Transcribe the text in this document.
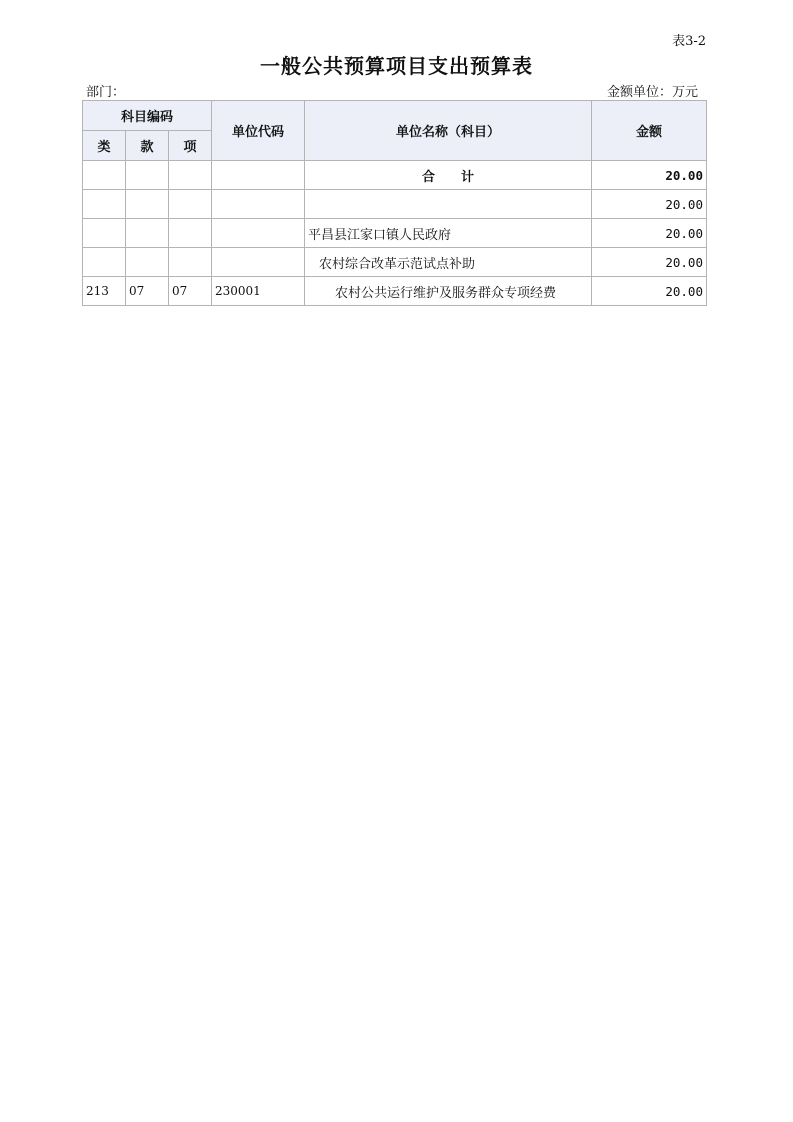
表3-2
一般公共预算项目支出预算表
部门：	金额单位：万元
科目编码			单位代码	单位名称（科目）	金额
类	款	项			
				合　　计	20.00
					20.00
				平昌县江家口镇人民政府	20.00
				农村综合改革示范试点补助	20.00
213	07	07	230001	农村公共运行维护及服务群众专项经费	20.00
